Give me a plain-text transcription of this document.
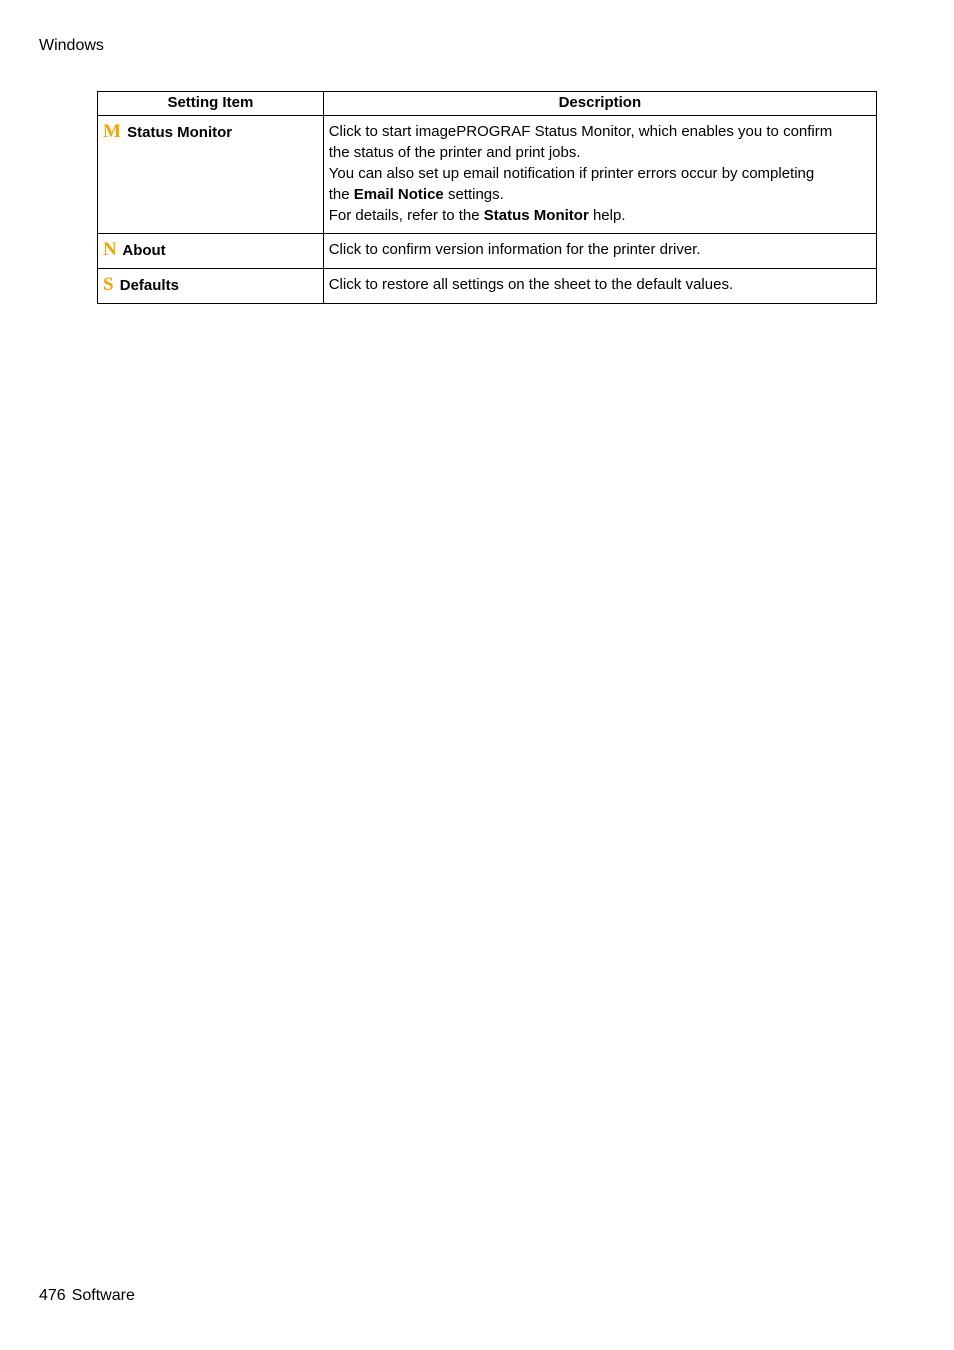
Windows
Setting Item	Description
M Status Monitor	Click to start imagePROGRAF Status Monitor, which enables you to confirm
the status of the printer and print jobs.
You can also set up email notification if printer errors occur by completing
the Email Notice settings.
For details, refer to the Status Monitor help.

N About	Click to confirm version information for the printer driver.
S Defaults	Click to restore all settings on the sheet to the default values.
476 Software
